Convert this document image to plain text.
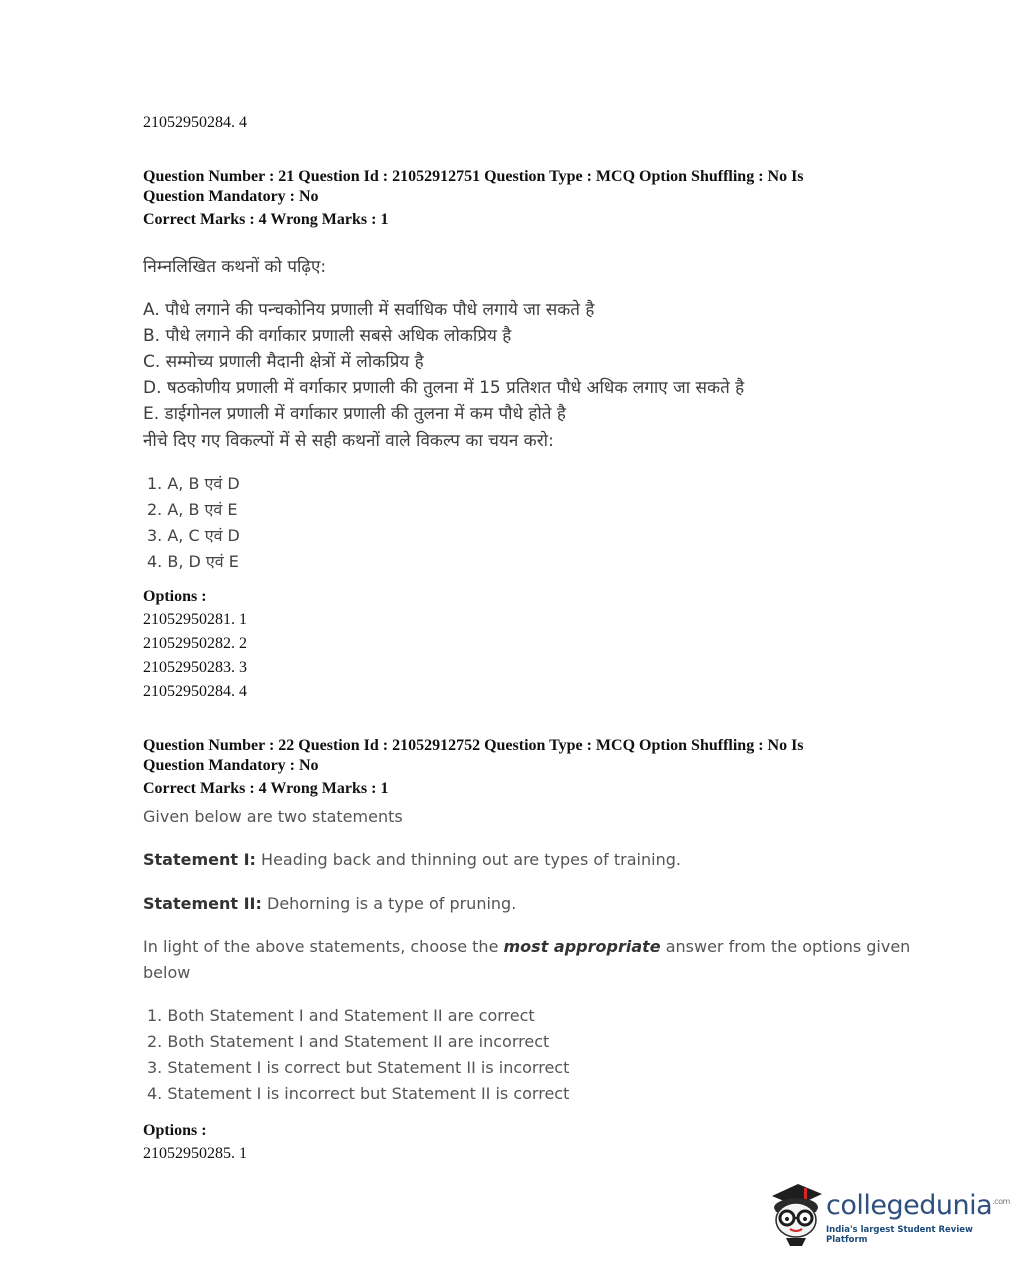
21052950284. 4
Question Number : 21 Question Id : 21052912751 Question Type : MCQ Option Shuffling : No Is
Question Mandatory : No
Correct Marks : 4 Wrong Marks : 1
निम्नलिखित कथनों को पढ़िए:
A. पौधे लगाने की पन्चकोनिय प्रणाली में सर्वाधिक पौधे लगाये जा सकते है
B. पौधे लगाने की वर्गाकार प्रणाली सबसे अधिक लोकप्रिय है
C. सम्मोच्य प्रणाली मैदानी क्षेत्रों में लोकप्रिय है
D. षठकोणीय प्रणाली में वर्गाकार प्रणाली की तुलना में 15 प्रतिशत पौधे अधिक लगाए जा सकते है
E. डाईगोनल प्रणाली में वर्गाकार प्रणाली की तुलना में कम पौधे होते है
नीचे दिए गए विकल्पों में से सही कथनों वाले विकल्प का चयन करो:
1. A, B एवं D
2. A, B एवं E
3. A, C एवं D
4. B, D एवं E
Options :
21052950281. 1
21052950282. 2
21052950283. 3
21052950284. 4
Question Number : 22 Question Id : 21052912752 Question Type : MCQ Option Shuffling : No Is
Question Mandatory : No
Correct Marks : 4 Wrong Marks : 1
Given below are two statements
Statement I: Heading back and thinning out are types of training.
Statement II: Dehorning is a type of pruning.
In light of the above statements, choose the most appropriate answer from the options given
below
1. Both Statement I and Statement II are correct
2. Both Statement I and Statement II are incorrect
3. Statement I is correct but Statement II is incorrect
4. Statement I is incorrect but Statement II is correct
Options :
21052950285. 1
collegedunia$^{.com}$
India's largest Student Review Platform
